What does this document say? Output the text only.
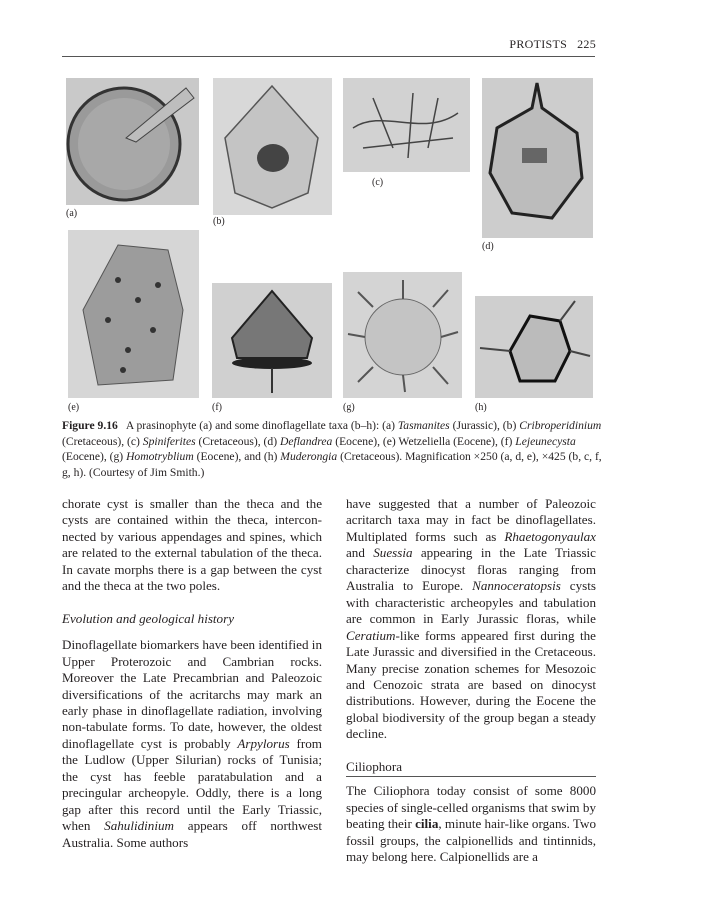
PROTISTS 225
(a)
(b)
(c)
(d)
(e)	(f)	(g)	(h)
Figure 9.16   A prasinophyte (a) and some dinoflagellate taxa (b–h): (a) Tasmanites (Jurassic), (b) Cribroperidinium (Cretaceous), (c) Spiniferites (Cretaceous), (d) Deflandrea (Eocene), (e) Wetzeliella (Eocene), (f) Lejeunecysta (Eocene), (g) Homotryblium (Eocene), and (h) Muderongia (Cretaceous). Magnification ×250 (a, d, e), ×425 (b, c, f, g, h). (Courtesy of Jim Smith.)

chorate cyst is smaller than the theca and the cysts are contained within the theca, interconnected by various appendages and spines, which are related to the external tabulation of the theca. In cavate morphs there is a gap between the cyst and the theca at the two poles.

Evolution and geological history

Dinoflagellate biomarkers have been identified in Upper Proterozoic and Cambrian rocks. Moreover the Late Precambrian and Paleozoic diversifications of the acritarchs may mark an early phase in dinoflagellate radiation, involving non-tabulate forms. To date, however, the oldest dinoflagellate cyst is probably Arpylorus from the Ludlow (Upper Silurian) rocks of Tunisia; the cyst has feeble paratabulation and a precingular archeopyle. Oddly, there is a long gap after this record until the Early Triassic, when Sahulidinium appears off northwest Australia. Some authors

have suggested that a number of Paleozoic acritarch taxa may in fact be dinoflagellates. Multiplated forms such as Rhaetogonyaulax and Suessia appearing in the Late Triassic characterize dinocyst floras ranging from Australia to Europe. Nannoceratopsis cysts with characteristic archeopyles and tabulation are common in Early Jurassic floras, while Ceratium-like forms appeared first during the Late Jurassic and diversified in the Cretaceous. Many precise zonation schemes for Mesozoic and Cenozoic strata are based on dinocyst distributions. However, during the Eocene the global biodiversity of the group began a steady decline.

Ciliophora

The Ciliophora today consist of some 8000 species of single-celled organisms that swim by beating their cilia, minute hair-like organs. Two fossil groups, the calpionellids and tintinnids, may belong here. Calpionellids are a
